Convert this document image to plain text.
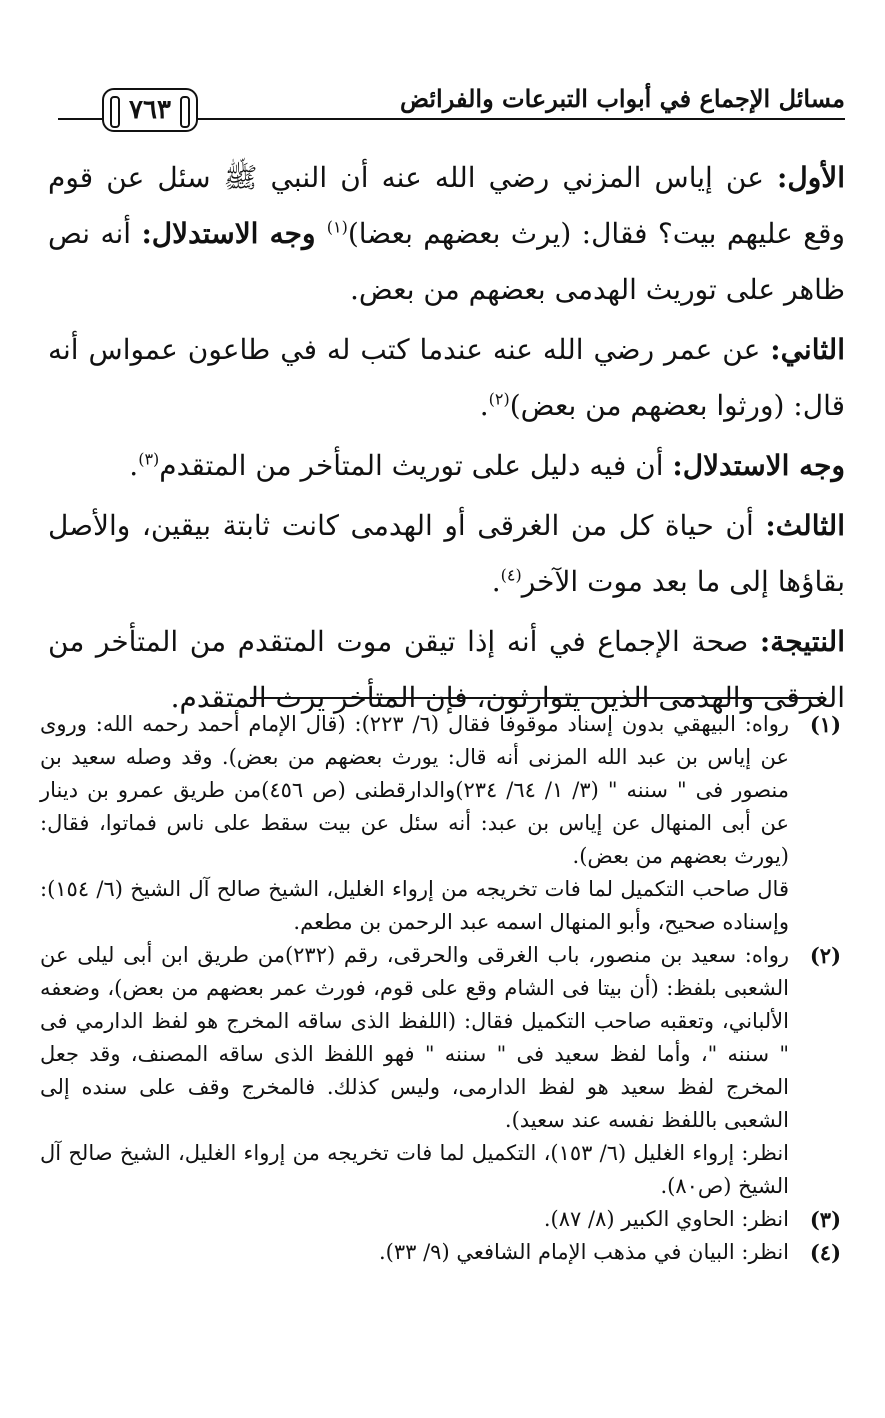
مسائل الإجماع في أبواب التبرعات والفرائض
٧٦٣

الأول: عن إياس المزني رضي الله عنه أن النبي ﷺ سئل عن قوم وقع عليهم بيت؟ فقال: (يرث بعضهم بعضا)$^{(١)}$ وجه الاستدلال: أنه نص ظاهر على توريث الهدمى بعضهم من بعض.

الثاني: عن عمر رضي الله عنه عندما كتب له في طاعون عمواس أنه قال: (ورثوا بعضهم من بعض)$^{(٢)}$.

وجه الاستدلال: أن فيه دليل على توريث المتأخر من المتقدم$^{(٣)}$.

الثالث: أن حياة كل من الغرقى أو الهدمى كانت ثابتة بيقين، والأصل بقاؤها إلى ما بعد موت الآخر$^{(٤)}$.

النتيجة: صحة الإجماع في أنه إذا تيقن موت المتقدم من المتأخر من الغرقى والهدمى الذين يتوارثون، فإن المتأخر يرث المتقدم.

(١)
رواه: البيهقي بدون إسناد موقوفا فقال (٦/ ٢٢٣): (قال الإمام أحمد رحمه الله: وروى عن إياس بن عبد الله المزنى أنه قال: يورث بعضهم من بعض). وقد وصله سعيد بن منصور فى " سننه " (٣/ ١/ ٦٤/ ٢٣٤)والدارقطنى (ص ٤٥٦)من طريق عمرو بن دينار عن أبى المنهال عن إياس بن عبد: أنه سئل عن بيت سقط على ناس فماتوا، فقال: (يورث بعضهم من بعض).
قال صاحب التكميل لما فات تخريجه من إرواء الغليل، الشيخ صالح آل الشيخ (٦/ ١٥٤): وإسناده صحيح، وأبو المنهال اسمه عبد الرحمن بن مطعم.
(٢)
رواه: سعيد بن منصور، باب الغرقى والحرقى، رقم (٢٣٢)من طريق ابن أبى ليلى عن الشعبى بلفظ: (أن بيتا فى الشام وقع على قوم، فورث عمر بعضهم من بعض)، وضعفه الألباني، وتعقبه صاحب التكميل فقال: (اللفظ الذى ساقه المخرج هو لفظ الدارمي فى " سننه "، وأما لفظ سعيد فى " سننه " فهو اللفظ الذى ساقه المصنف، وقد جعل المخرج لفظ سعيد هو لفظ الدارمى، وليس كذلك. فالمخرج وقف على سنده إلى الشعبى باللفظ نفسه عند سعيد).
انظر: إرواء الغليل (٦/ ١٥٣)، التكميل لما فات تخريجه من إرواء الغليل، الشيخ صالح آل الشيخ (ص٨٠).
(٣)
انظر: الحاوي الكبير (٨/ ٨٧).
(٤)
انظر: البيان في مذهب الإمام الشافعي (٩/ ٣٣).
